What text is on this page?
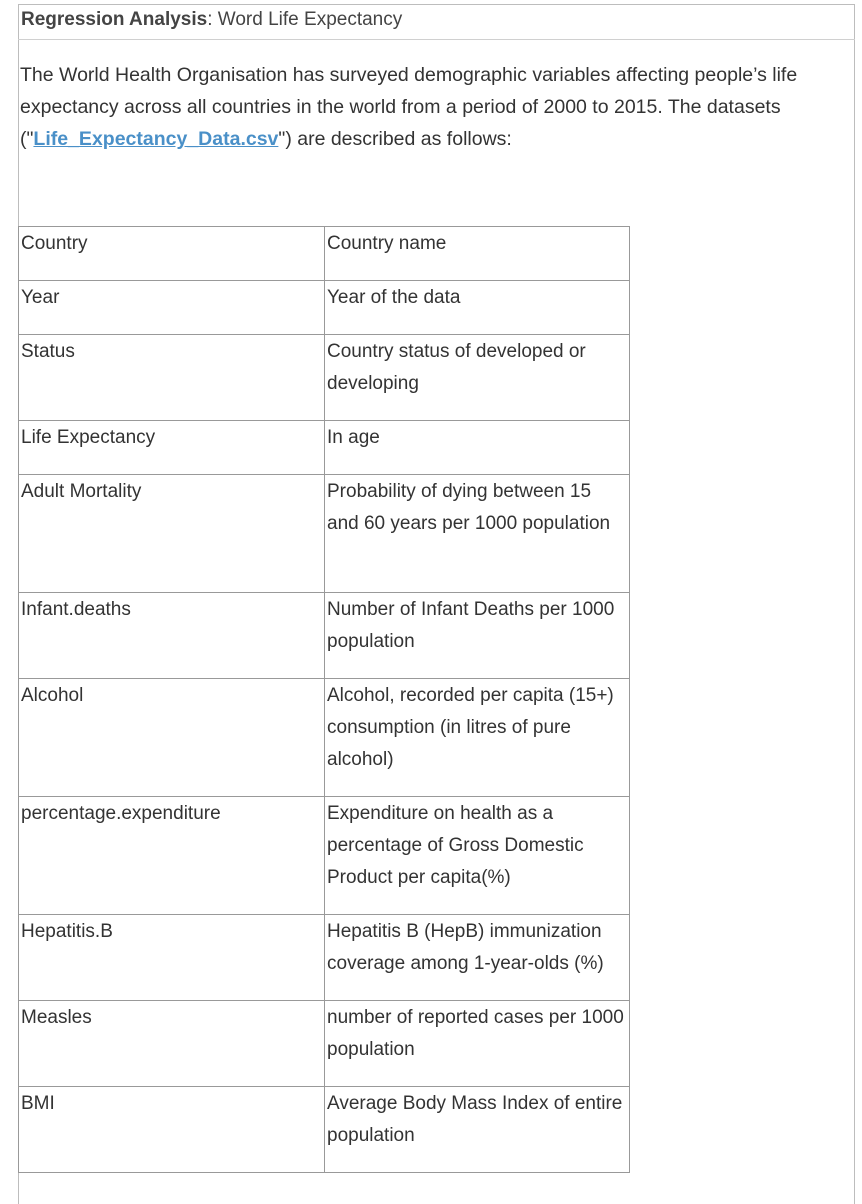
Regression Analysis: Word Life Expectancy
The World Health Organisation has surveyed demographic variables affecting people’s life expectancy across all countries in the world from a period of 2000 to 2015. The datasets ("Life_Expectancy_Data.csv") are described as follows:
Country	Country name
Year	Year of the data
Status	Country status of developed or developing
Life Expectancy	In age
Adult Mortality	Probability of dying between 15 and 60 years per 1000 population
Infant.deaths	Number of Infant Deaths per 1000 population
Alcohol	Alcohol, recorded per capita (15+) consumption (in litres of pure alcohol)
percentage.expenditure	Expenditure on health as a percentage of Gross Domestic Product per capita(%)
Hepatitis.B	Hepatitis B (HepB) immunization coverage among 1-year-olds (%)
Measles	number of reported cases per 1000 population
BMI	Average Body Mass Index of entire population
